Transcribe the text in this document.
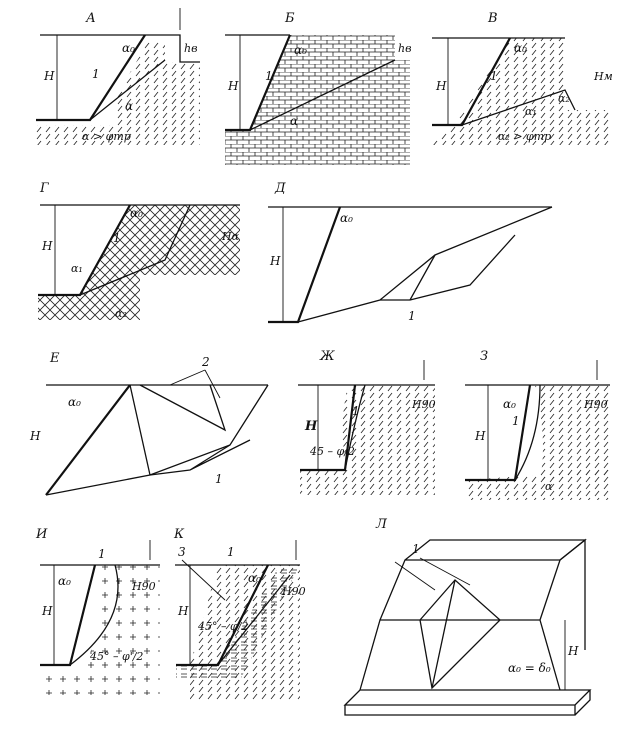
А
H
α₀
1
α
hв
α > φтр
Б
H
α₀
1
α
hв
В
H
α₀
1
α₁
α₂
Hм
α₂ > φтр
Г
H
α₀
1
α₁
α₂
Hα
Д
H
α₀
1
Е
H
α₀
1
2	Ж
H
1	H90
45 – φ/2
З
H
α₀
1
α
H90
И
H
α₀
1
H90
45° – φ'/2
К
H
α₀
1
3
H90
45° – φ/2
Л
1
H
α₀ = δ₀
